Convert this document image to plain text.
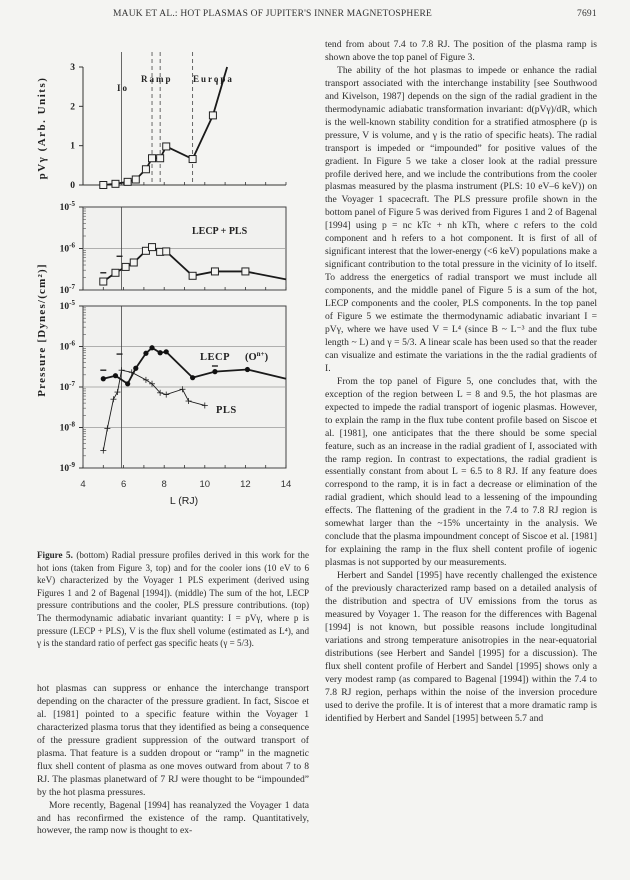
MAUK ET AL.: HOT PLASMAS OF JUPITER'S INNER MAGNETOSPHERE	7691
pVγ (Arb. Units)
Pressure [Dynes/(cm²)]
0
1
2
3
$10^{-5}$
$10^{-6}$
$10^{-7}$
$10^{-5}$
$10^{-6}$
$10^{-7}$
$10^{-8}$
$10^{-9}$
4	6	8	10	12	14
Io
Ramp Europa
LECP + PLS
LECP $(O^{n+})$
PLS
L (RJ)
Figure 5. (bottom) Radial pressure profiles derived in this work for the hot ions (taken from Figure 3, top) and for the cooler ions (10 eV to 6 keV) characterized by the Voyager 1 PLS experiment (derived using Figures 1 and 2 of Bagenal [1994]). (middle) The sum of the hot, LECP pressure contributions and the cooler, PLS pressure contributions. (top) The thermodynamic adiabatic invariant quantity: I = pVγ, where p is pressure (LECP + PLS), V is the flux shell volume (estimated as L⁴), and γ is the standard ratio of perfect gas specific heats (γ = 5/3).

hot plasmas can suppress or enhance the interchange transport depending on the character of the pressure gradient. In fact, Siscoe et al. [1981] pointed to a specific feature within the Voyager 1 characterized plasma torus that they identified as being a consequence of the pressure gradient suppression of the outward transport of plasma. That feature is a sudden dropout or “ramp” in the magnetic flux shell content of plasma as one moves outward from about 7 to 8 RJ. The plasmas planetward of 7 RJ were thought to be “impounded” by the hot plasma pressures.

More recently, Bagenal [1994] has reanalyzed the Voyager 1 data and has reconfirmed the existence of the ramp. Quantitatively, however, the ramp now is thought to ex-

tend from about 7.4 to 7.8 RJ. The position of the plasma ramp is shown above the top panel of Figure 3.

The ability of the hot plasmas to impede or enhance the radial transport associated with the interchange instability [see Southwood and Kivelson, 1987] depends on the sign of the radial gradient in the thermodynamic adiabatic transformation invariant: d(pVγ)/dR, which is the well-known stability condition for a stratified atmosphere (p is pressure, V is volume, and γ is the ratio of specific heats). The radial transport is impeded or “impounded” for positive values of the gradient. In Figure 5 we take a closer look at the radial pressure profile derived here, and we include the contributions from the cooler plasmas measured by the plasma instrument (PLS: 10 eV–6 keV)) on the Voyager 1 spacecraft. The PLS pressure profile shown in the bottom panel of Figure 5 was derived from Figures 1 and 2 of Bagenal [1994] using p = nc kTc + nh kTh, where c refers to the cold component and h refers to a hot component. It is first of all of significant interest that the lower-energy (<6 keV) populations make a significant contribution to the total pressure in the vicinity of Io itself. To address the energetics of radial transport we must include all components, and the middle panel of Figure 5 is a sum of the hot, LECP components and the cooler, PLS components. In the top panel of Figure 5 we estimate the thermodynamic adiabatic invariant I = pVγ, where we have used V = L⁴ (since B ~ L⁻³ and the flux tube length ~ L) and γ = 5/3. A linear scale has been used so that the reader can visualize and estimate the variations in the the radial gradients of I.

From the top panel of Figure 5, one concludes that, with the exception of the region between L = 8 and 9.5, the hot plasmas are expected to impede the radial transport of iogenic plasmas. However, to explain the ramp in the flux tube content profile based on Siscoe et al. [1981], one anticipates that the there should be some special feature, such as an increase in the radial gradient of I, associated with the ramp region. In contrast to expectations, the radial gradient is essentially constant from about L = 6.5 to 8 RJ. If any feature does correspond to the ramp, it is in fact a decrease or elimination of the radial gradient, which should lead to a lessening of the impounding effects. The flattening of the gradient in the 7.4 to 7.8 RJ region is somewhat larger than the ~15% uncertainty in the analysis. We conclude that the plasma impoundment concept of Siscoe et al. [1981] for explaining the ramp in the flux shell content profile of iogenic plasmas is not supported by our measurements.

Herbert and Sandel [1995] have recently challenged the existence of the previously characterized ramp based on a detailed analysis of the distribution and spectra of UV emissions from the torus as measured by Voyager 1. The reason for the differences with Bagenal [1994] is not known, but possible reasons include longitudinal variations and strong temperature anisotropies in the near-equatorial distributions (see Herbert and Sandel [1995] for a discussion). The flux shell content profile of Herbert and Sandel [1995] shows only a very modest ramp (as compared to Bagenal [1994]) within the 7.4 to 7.8 RJ region, perhaps within the noise of the inversion procedure used to derive the profile. It is of interest that a more dramatic ramp is identified by Herbert and Sandel [1995] between 5.7 and
